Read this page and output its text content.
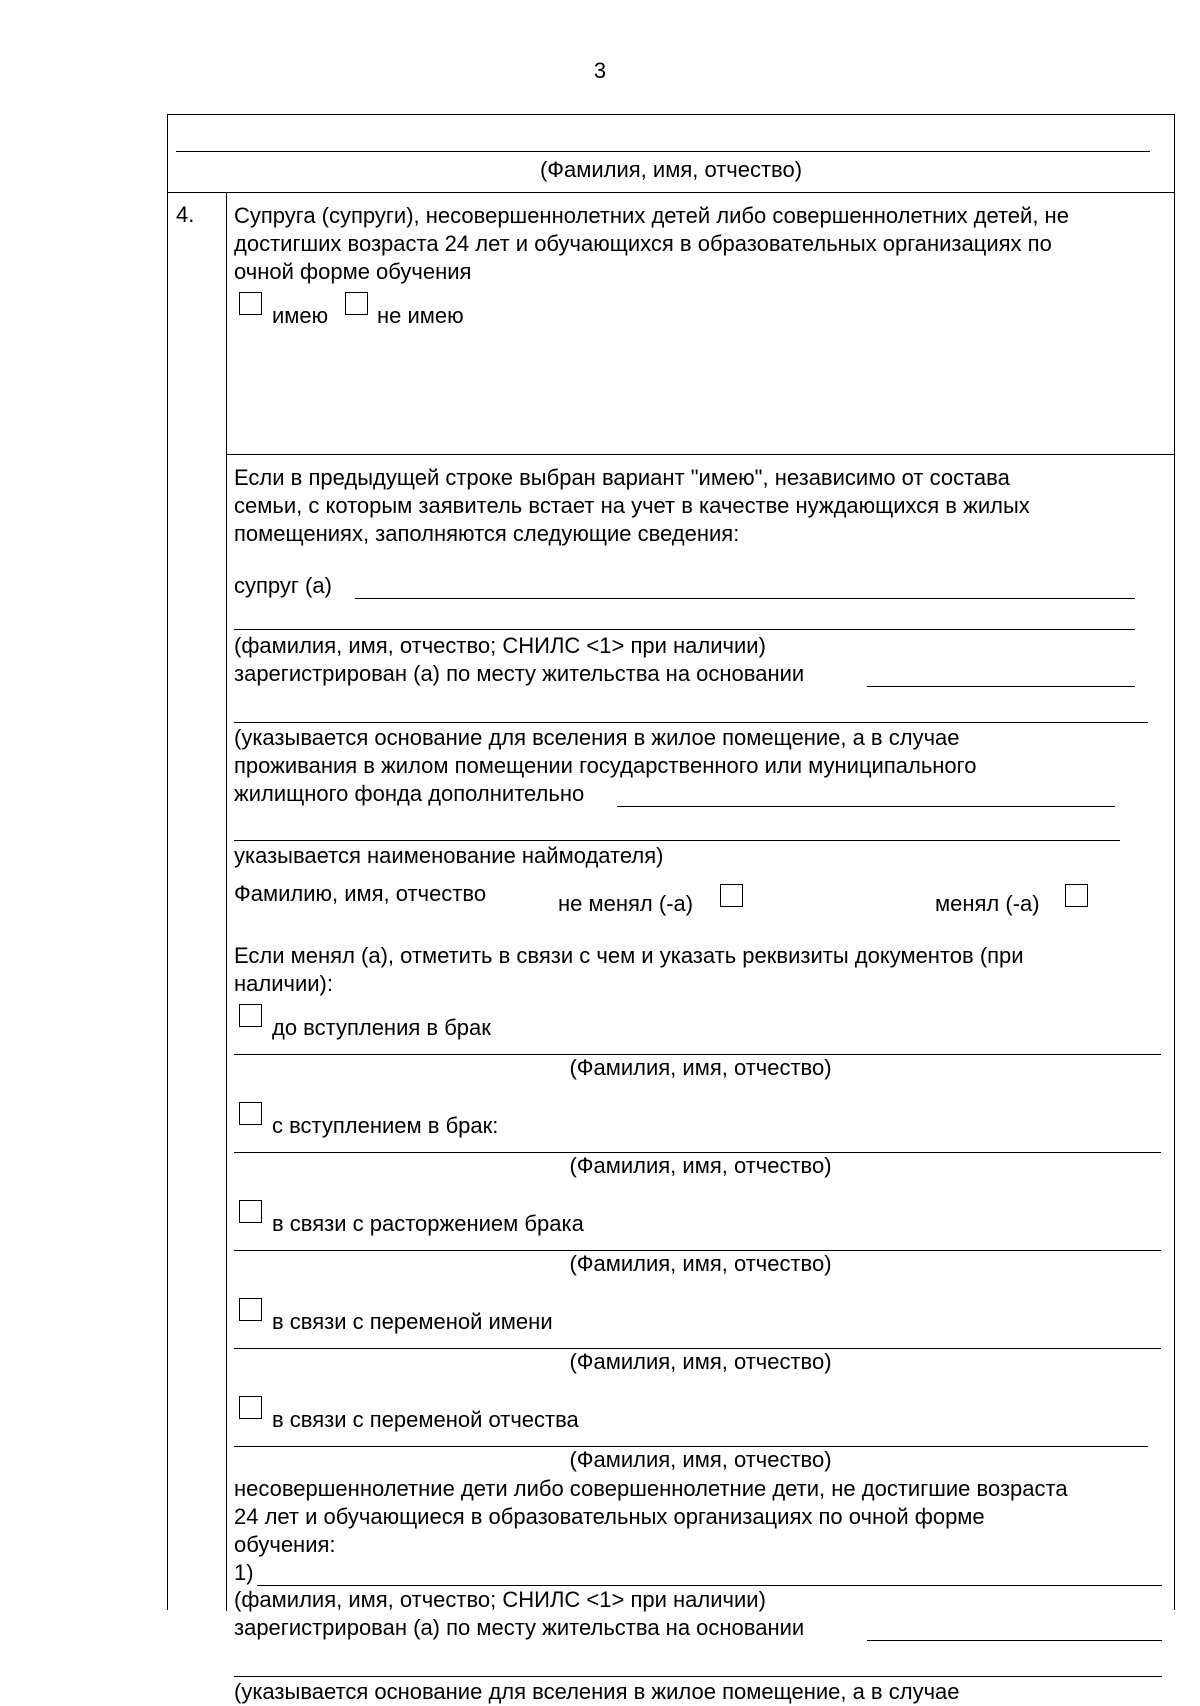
3
(Фамилия, имя, отчество)
4. Супруга (супруги), несовершеннолетних детей либо совершеннолетних детей, не
достигших возраста 24 лет и обучающихся в образовательных организациях по
очной форме обучения
имею не имею
Если в предыдущей строке выбран вариант "имею", независимо от состава
семьи, с которым заявитель встает на учет в качестве нуждающихся в жилых
помещениях, заполняются следующие сведения:
супруг (а)
(фамилия, имя, отчество; СНИЛС <1> при наличии)
зарегистрирован (а) по месту жительства на основании
(указывается основание для вселения в жилое помещение, а в случае
проживания в жилом помещении государственного или муниципального
жилищного фонда дополнительно
указывается наименование наймодателя)
Фамилию, имя, отчество	не менял (-а)	менял (-а)
Если менял (а), отметить в связи с чем и указать реквизиты документов (при
наличии):
до вступления в брак
(Фамилия, имя, отчество)
с вступлением в брак:
(Фамилия, имя, отчество)
в связи с расторжением брака
(Фамилия, имя, отчество)
в связи с переменой имени
(Фамилия, имя, отчество)
в связи с переменой отчества
(Фамилия, имя, отчество)
несовершеннолетние дети либо совершеннолетние дети, не достигшие возраста
24 лет и обучающиеся в образовательных организациях по очной форме
обучения:
1)
(фамилия, имя, отчество; СНИЛС <1> при наличии)
зарегистрирован (а) по месту жительства на основании
(указывается основание для вселения в жилое помещение, а в случае
